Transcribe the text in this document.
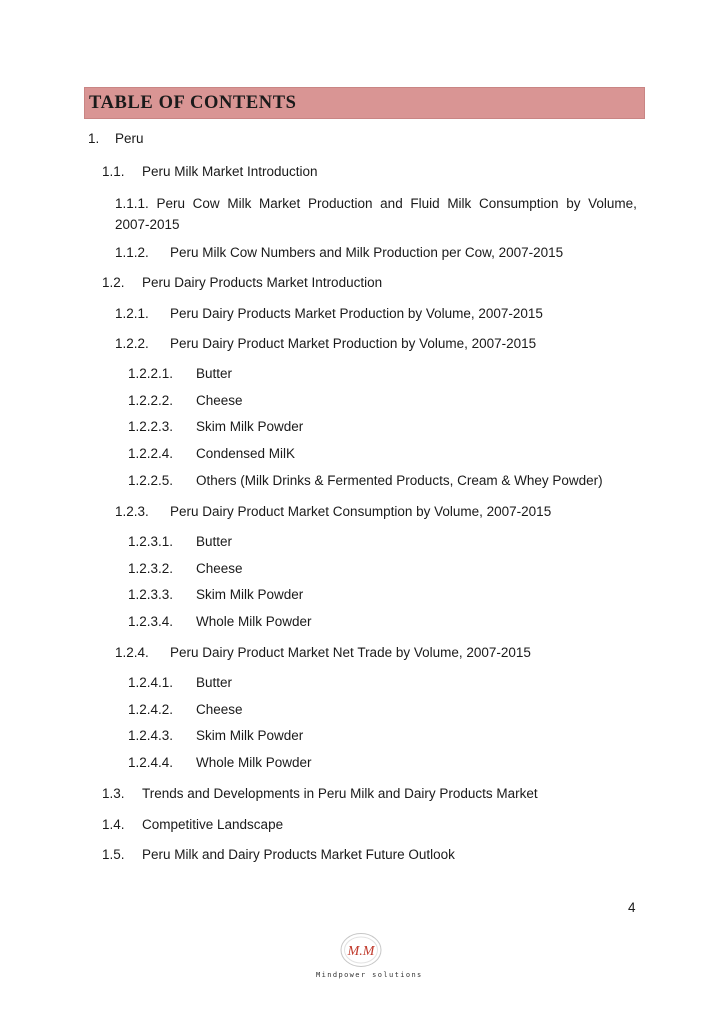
TABLE OF CONTENTS
1. Peru
1.1. Peru Milk Market Introduction
1.1.1. Peru Cow Milk Market Production and Fluid Milk Consumption by Volume,
2007-2015
1.1.2. Peru Milk Cow Numbers and Milk Production per Cow, 2007-2015
1.2. Peru Dairy Products Market Introduction
1.2.1. Peru Dairy Products Market Production by Volume, 2007-2015
1.2.2. Peru Dairy Product Market Production by Volume, 2007-2015
1.2.2.1. Butter
1.2.2.2. Cheese
1.2.2.3. Skim Milk Powder
1.2.2.4. Condensed MilK
1.2.2.5. Others (Milk Drinks & Fermented Products, Cream & Whey Powder)
1.2.3. Peru Dairy Product Market Consumption by Volume, 2007-2015
1.2.3.1. Butter
1.2.3.2. Cheese
1.2.3.3. Skim Milk Powder
1.2.3.4. Whole Milk Powder
1.2.4. Peru Dairy Product Market Net Trade by Volume, 2007-2015
1.2.4.1. Butter
1.2.4.2. Cheese
1.2.4.3. Skim Milk Powder
1.2.4.4. Whole Milk Powder
1.3. Trends and Developments in Peru Milk and Dairy Products Market
1.4. Competitive Landscape
1.5. Peru Milk and Dairy Products Market Future Outlook
4
M.M
Mindpower solutions
